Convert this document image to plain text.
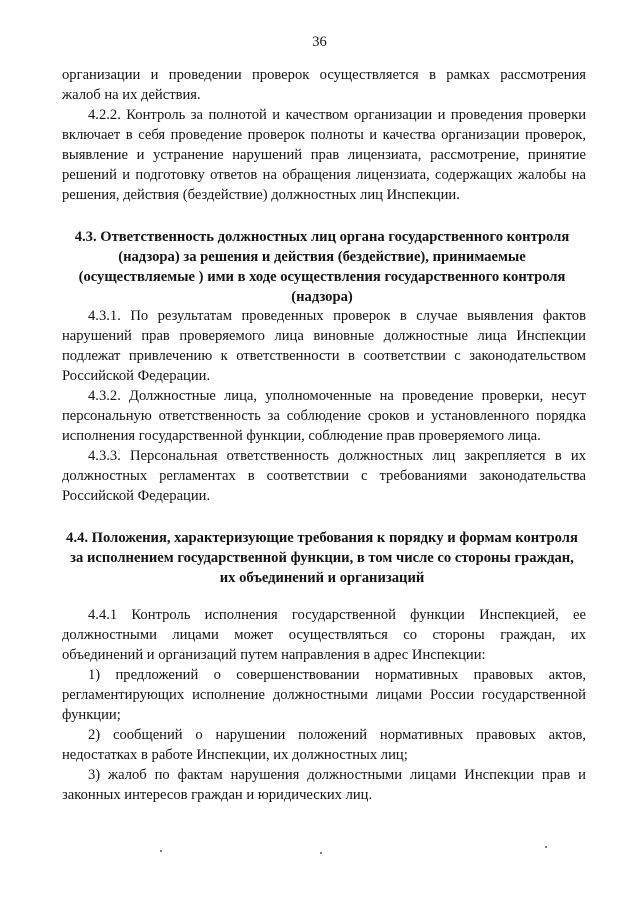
36
организации и проведении проверок осуществляется в рамках рассмотрения
жалоб на их действия.
4.2.2. Контроль за полнотой и качеством организации и проведения проверки
включает в себя проведение проверок полноты и качества организации проверок,
выявление и устранение нарушений прав лицензиата, рассмотрение, принятие
решений и подготовку ответов на обращения лицензиата, содержащих жалобы на
решения, действия (бездействие) должностных лиц Инспекции.
4.3. Ответственность должностных лиц органа государственного контроля
(надзора) за решения и действия (бездействие), принимаемые
(осуществляемые ) ими в ходе осуществления государственного контроля
(надзора)
4.3.1. По результатам проведенных проверок в случае выявления фактов
нарушений прав проверяемого лица виновные должностные лица Инспекции
подлежат привлечению к ответственности в соответствии с законодательством
Российской Федерации.
4.3.2. Должностные лица, уполномоченные на проведение проверки, несут
персональную ответственность за соблюдение сроков и установленного порядка
исполнения государственной функции, соблюдение прав проверяемого лица.
4.3.3. Персональная ответственность должностных лиц закрепляется в их
должностных регламентах в соответствии с требованиями законодательства
Российской Федерации.
4.4. Положения, характеризующие требования к порядку и формам контроля
за исполнением государственной функции, в том числе со стороны граждан,
их объединений и организаций
4.4.1 Контроль исполнения государственной функции Инспекцией, ее
должностными лицами может осуществляться со стороны граждан, их
объединений и организаций путем направления в адрес Инспекции:
1) предложений о совершенствовании нормативных правовых актов,
регламентирующих исполнение должностными лицами России государственной
функции;
2) сообщений о нарушении положений нормативных правовых актов,
недостатках в работе Инспекции, их должностных лиц;
3) жалоб по фактам нарушения должностными лицами Инспекции прав и
законных интересов граждан и юридических лиц.
